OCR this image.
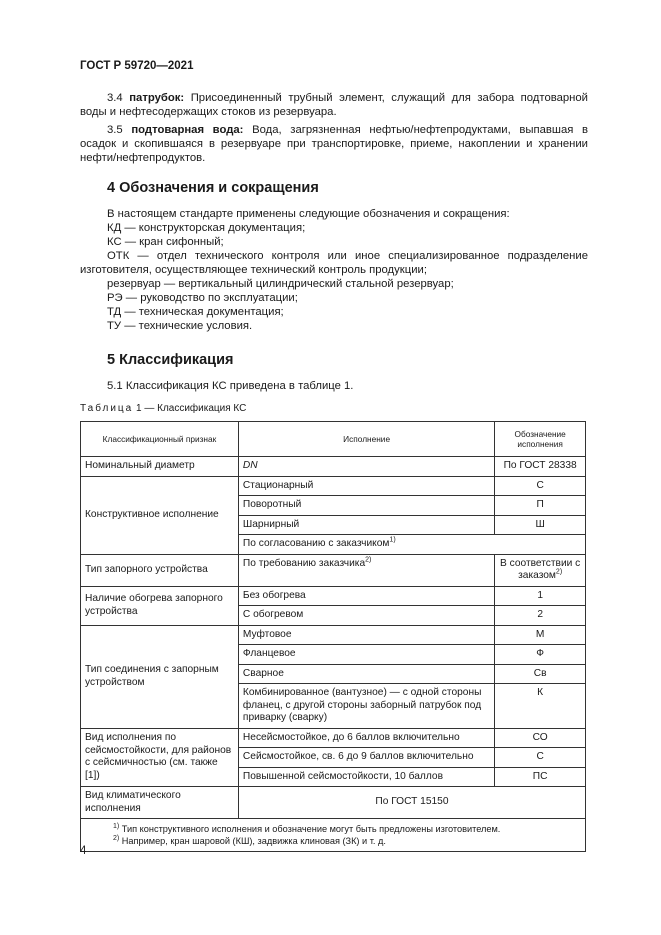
ГОСТ Р 59720—2021

3.4 патрубок: Присоединенный трубный элемент, служащий для забора подтоварной воды и нефтесодержащих стоков из резервуара.

3.5 подтоварная вода: Вода, загрязненная нефтью/нефтепродуктами, выпавшая в осадок и скопившаяся в резервуаре при транспортировке, приеме, накоплении и хранении нефти/нефтепродуктов.

4 Обозначения и сокращения

В настоящем стандарте применены следующие обозначения и сокращения:

КД — конструкторская документация;

КС — кран сифонный;

ОТК — отдел технического контроля или иное специализированное подразделение изготовителя, осуществляющее технический контроль продукции;

резервуар — вертикальный цилиндрический стальной резервуар;

РЭ — руководство по эксплуатации;

ТД — техническая документация;

ТУ — технические условия.

5 Классификация

5.1 Классификация КС приведена в таблице 1.

Таблица 1 — Классификация КС
Классификационный признак	Исполнение	Обозначение исполнения
Номинальный диаметр	DN	По ГОСТ 28338
Конструктивное исполнение	Стационарный	С
	Поворотный	П
	Шарнирный	Ш
	По согласованию с заказчиком$^{1)}$
Тип запорного устройства	По требованию заказчика$^{2)}$	В соответствии с заказом$^{2)}$
Наличие обогрева запорного устройства	Без обогрева	1
	С обогревом	2
Тип соединения с запорным устройством	Муфтовое	М
	Фланцевое	Ф
	Сварное	Св
	Комбинированное (вантузное) — с одной стороны фланец, с другой стороны заборный патрубок под приварку (сварку)	К
Вид исполнения по сейсмостойкости, для районов с сейсмичностью (см. также [1])	Несейсмостойкое, до 6 баллов включительно	СО
	Сейсмостойкое, св. 6 до 9 баллов включительно	С
	Повышенной сейсмостойкости, 10 баллов	ПС
Вид климатического исполнения	По ГОСТ 15150	

$^{1)}$ Тип конструктивного исполнения и обозначение могут быть предложены изготовителем.
$^{2)}$ Например, кран шаровой (КШ), задвижка клиновая (ЗК) и т. д.		
4
